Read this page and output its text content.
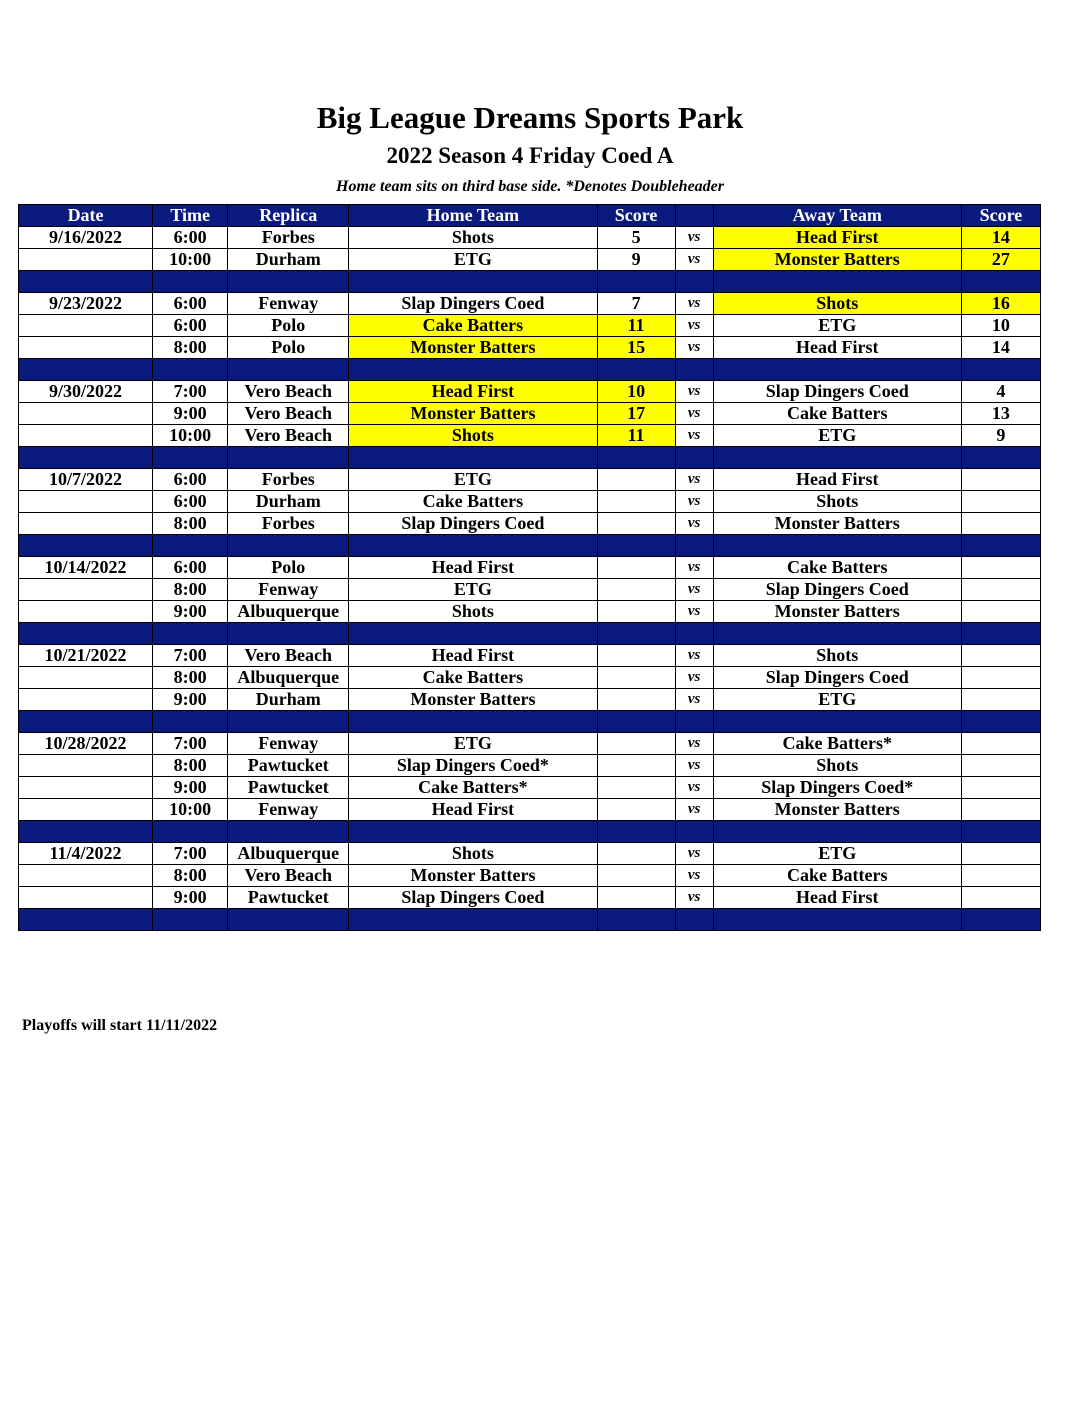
Big League Dreams Sports Park
2022 Season 4 Friday Coed A
Home team sits on third base side. *Denotes Doubleheader
Date	Time	Replica	Home Team	Score		Away Team	Score
9/16/2022	6:00	Forbes	Shots	5	vs	Head First	14
	10:00	Durham	ETG	9	vs	Monster Batters	27

9/23/2022	6:00	Fenway	Slap Dingers Coed	7	vs	Shots	16
	6:00	Polo	Cake Batters	11	vs	ETG	10
	8:00	Polo	Monster Batters	15	vs	Head First	14

9/30/2022	7:00	Vero Beach	Head First	10	vs	Slap Dingers Coed	4
	9:00	Vero Beach	Monster Batters	17	vs	Cake Batters	13
	10:00	Vero Beach	Shots	11	vs	ETG	9

10/7/2022	6:00	Forbes	ETG		vs	Head First	
	6:00	Durham	Cake Batters		vs	Shots	
	8:00	Forbes	Slap Dingers Coed		vs	Monster Batters	

10/14/2022	6:00	Polo	Head First		vs	Cake Batters	
	8:00	Fenway	ETG		vs	Slap Dingers Coed	
	9:00	Albuquerque	Shots		vs	Monster Batters	

10/21/2022	7:00	Vero Beach	Head First		vs	Shots	
	8:00	Albuquerque	Cake Batters		vs	Slap Dingers Coed	
	9:00	Durham	Monster Batters		vs	ETG	

10/28/2022	7:00	Fenway	ETG		vs	Cake Batters*	
	8:00	Pawtucket	Slap Dingers Coed*		vs	Shots	
	9:00	Pawtucket	Cake Batters*		vs	Slap Dingers Coed*	
	10:00	Fenway	Head First		vs	Monster Batters	

11/4/2022	7:00	Albuquerque	Shots		vs	ETG	
	8:00	Vero Beach	Monster Batters		vs	Cake Batters	
	9:00	Pawtucket	Slap Dingers Coed		vs	Head First	

Playoffs will start 11/11/2022
